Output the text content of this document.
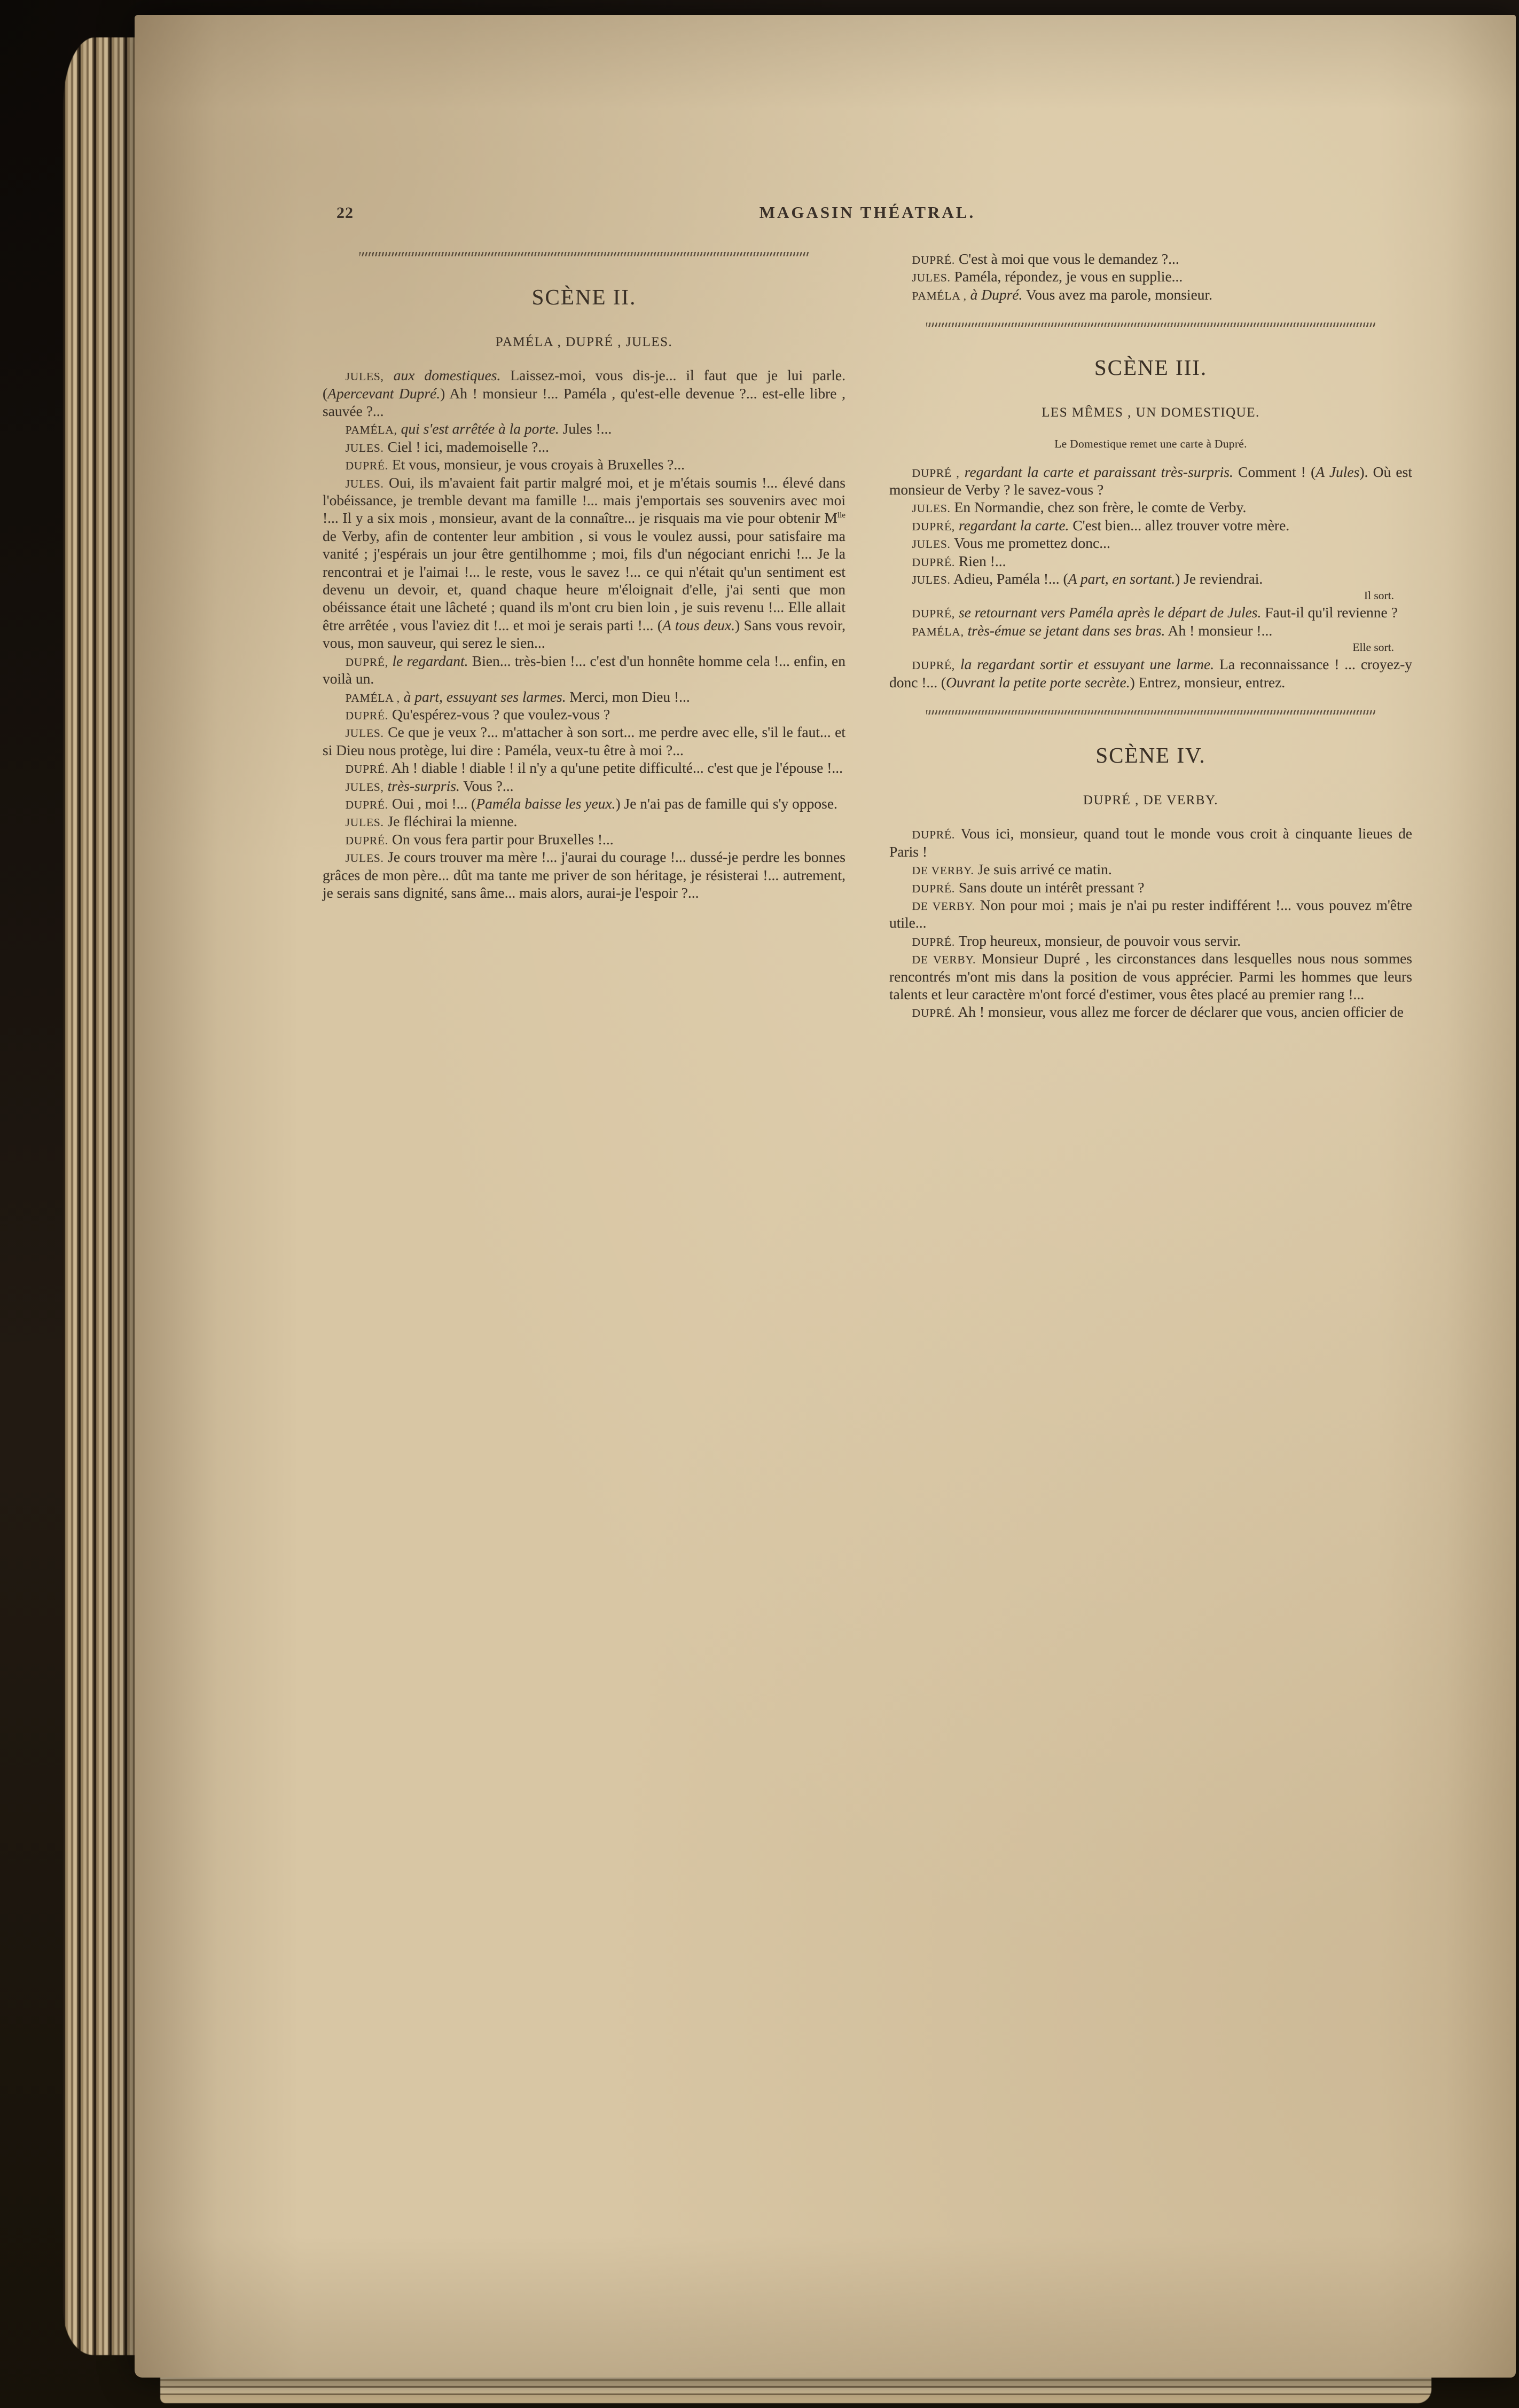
22	MAGASIN THÉATRAL.
SCÈNE II.
PAMÉLA , DUPRÉ , JULES.

JULES, aux domestiques. Laissez-moi, vous dis-je... il faut que je lui parle. (Apercevant Dupré.) Ah ! monsieur !... Paméla , qu'est-elle devenue ?... est-elle libre , sauvée ?...

PAMÉLA, qui s'est arrêtée à la porte. Jules !...

JULES. Ciel ! ici, mademoiselle ?...

DUPRÉ. Et vous, monsieur, je vous croyais à Bruxelles ?...

JULES. Oui, ils m'avaient fait partir malgré moi, et je m'étais soumis !... élevé dans l'obéissance, je tremble devant ma famille !... mais j'emportais ses souvenirs avec moi !... Il y a six mois , monsieur, avant de la connaître... je risquais ma vie pour obtenir $M^{lle}$ de Verby, afin de contenter leur ambition , si vous le voulez aussi, pour satisfaire ma vanité ; j'espérais un jour être gentilhomme ; moi, fils d'un négociant enrichi !... Je la rencontrai et je l'aimai !... le reste, vous le savez !... ce qui n'était qu'un sentiment est devenu un devoir, et, quand chaque heure m'éloignait d'elle, j'ai senti que mon obéissance était une lâcheté ; quand ils m'ont cru bien loin , je suis revenu !... Elle allait être arrêtée , vous l'aviez dit !... et moi je serais parti !... (A tous deux.) Sans vous revoir, vous, mon sauveur, qui serez le sien...

DUPRÉ, le regardant. Bien... très-bien !... c'est d'un honnête homme cela !... enfin, en voilà un.

PAMÉLA , à part, essuyant ses larmes. Merci, mon Dieu !...

DUPRÉ. Qu'espérez-vous ? que voulez-vous ?

JULES. Ce que je veux ?... m'attacher à son sort... me perdre avec elle, s'il le faut... et si Dieu nous protège, lui dire : Paméla, veux-tu être à moi ?...

DUPRÉ. Ah ! diable ! diable ! il n'y a qu'une petite difficulté... c'est que je l'épouse !...

JULES, très-surpris. Vous ?...

DUPRÉ. Oui , moi !... (Paméla baisse les yeux.) Je n'ai pas de famille qui s'y oppose.

JULES. Je fléchirai la mienne.

DUPRÉ. On vous fera partir pour Bruxelles !...

JULES. Je cours trouver ma mère !... j'aurai du courage !... dussé-je perdre les bonnes grâces de mon père... dût ma tante me priver de son héritage, je résisterai !... autrement, je serais sans dignité, sans âme... mais alors, aurai-je l'espoir ?...

DUPRÉ. C'est à moi que vous le demandez ?...

JULES. Paméla, répondez, je vous en supplie...

PAMÉLA , à Dupré. Vous avez ma parole, monsieur.

SCÈNE III.
LES MÊMES , UN DOMESTIQUE.
Le Domestique remet une carte à Dupré.

DUPRÉ , regardant la carte et paraissant très-surpris. Comment ! (A Jules). Où est monsieur de Verby ? le savez-vous ?

JULES. En Normandie, chez son frère, le comte de Verby.

DUPRÉ, regardant la carte. C'est bien... allez trouver votre mère.

JULES. Vous me promettez donc...

DUPRÉ. Rien !...

JULES. Adieu, Paméla !... (A part, en sortant.) Je reviendrai.

Il sort.

DUPRÉ, se retournant vers Paméla après le départ de Jules. Faut-il qu'il revienne ?

PAMÉLA, très-émue se jetant dans ses bras. Ah ! monsieur !...

Elle sort.

DUPRÉ, la regardant sortir et essuyant une larme. La reconnaissance ! ... croyez-y donc !... (Ouvrant la petite porte secrète.) Entrez, monsieur, entrez.

SCÈNE IV.
DUPRÉ , DE VERBY.

DUPRÉ. Vous ici, monsieur, quand tout le monde vous croit à cinquante lieues de Paris !

DE VERBY. Je suis arrivé ce matin.

DUPRÉ. Sans doute un intérêt pressant ?

DE VERBY. Non pour moi ; mais je n'ai pu rester indifférent !... vous pouvez m'être utile...

DUPRÉ. Trop heureux, monsieur, de pouvoir vous servir.

DE VERBY. Monsieur Dupré , les circonstances dans lesquelles nous nous sommes rencontrés m'ont mis dans la position de vous apprécier. Parmi les hommes que leurs talents et leur caractère m'ont forcé d'estimer, vous êtes placé au premier rang !...

DUPRÉ. Ah ! monsieur, vous allez me forcer de déclarer que vous, ancien officier de
